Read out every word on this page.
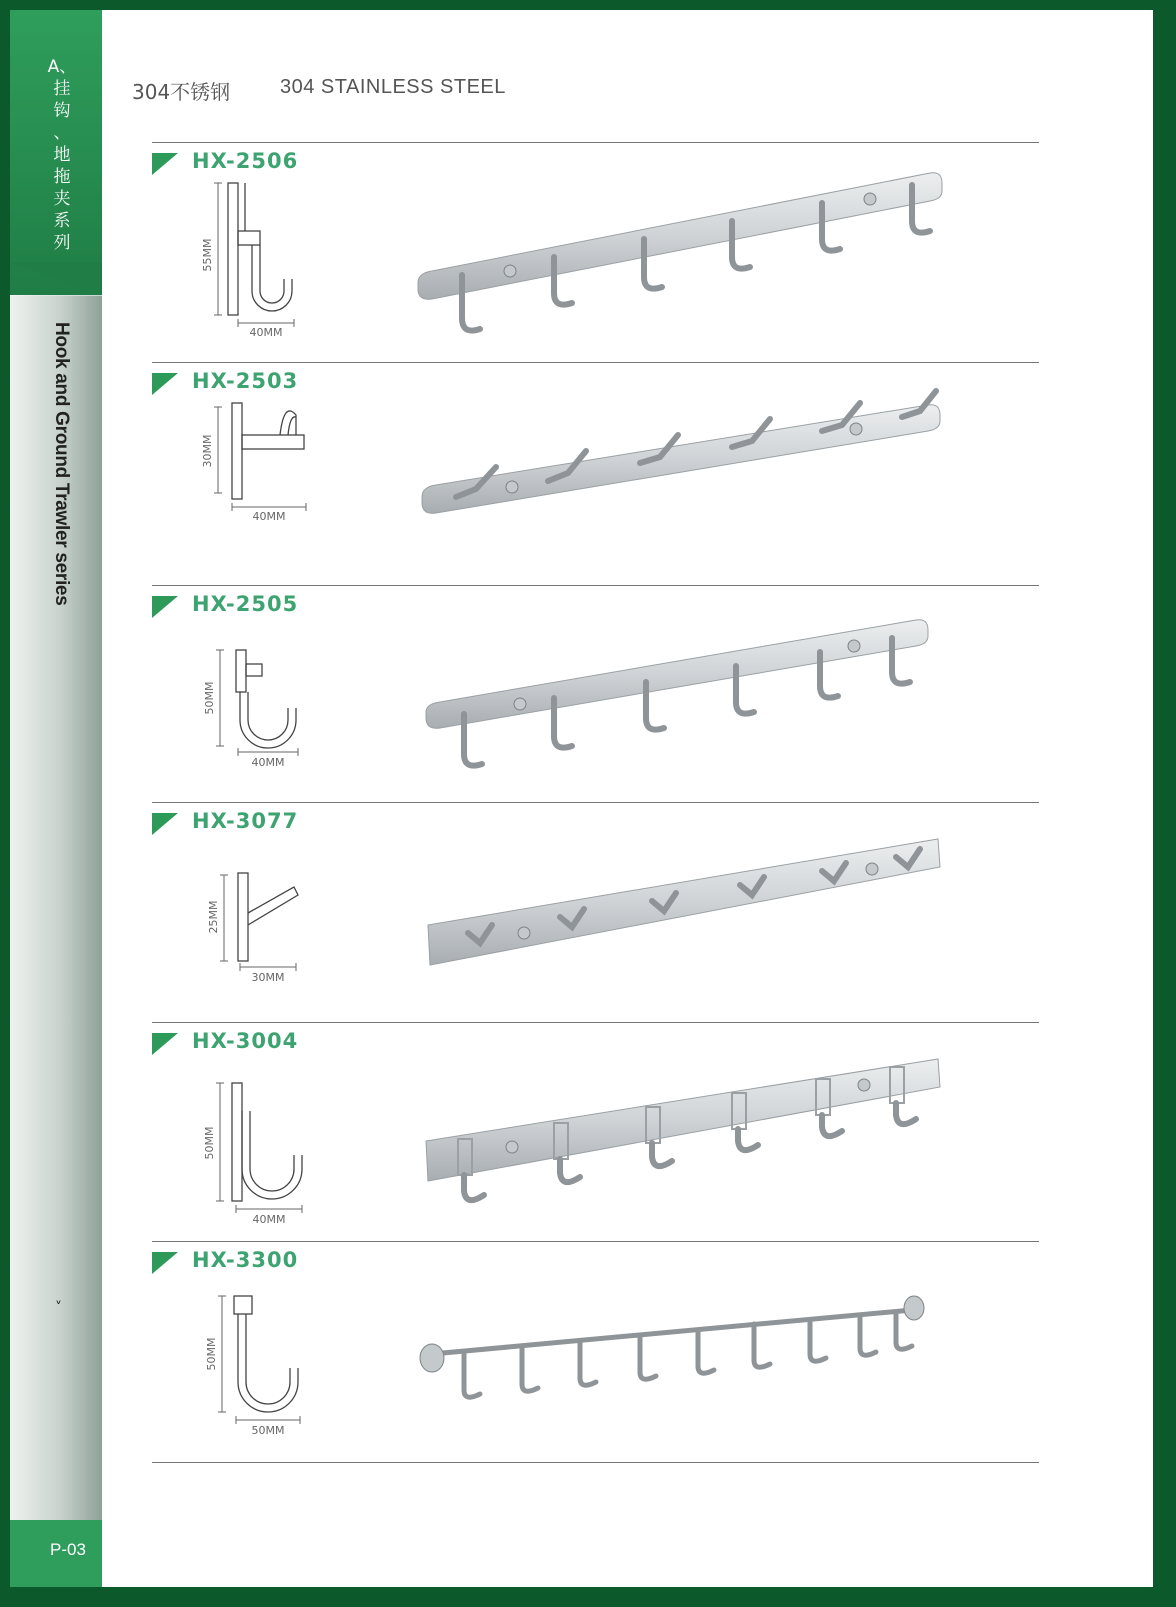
A、
挂
钩
、
地
拖
夹
系
列
Hook and Ground Trawler series
˅
P-03
304不锈钢 304 STAINLESS STEEL
HX-2506
55MM
40MM
HX-2503
30MM
40MM
HX-2505
50MM
40MM
HX-3077
25MM
30MM
HX-3004
50MM
40MM
HX-3300
50MM
50MM
